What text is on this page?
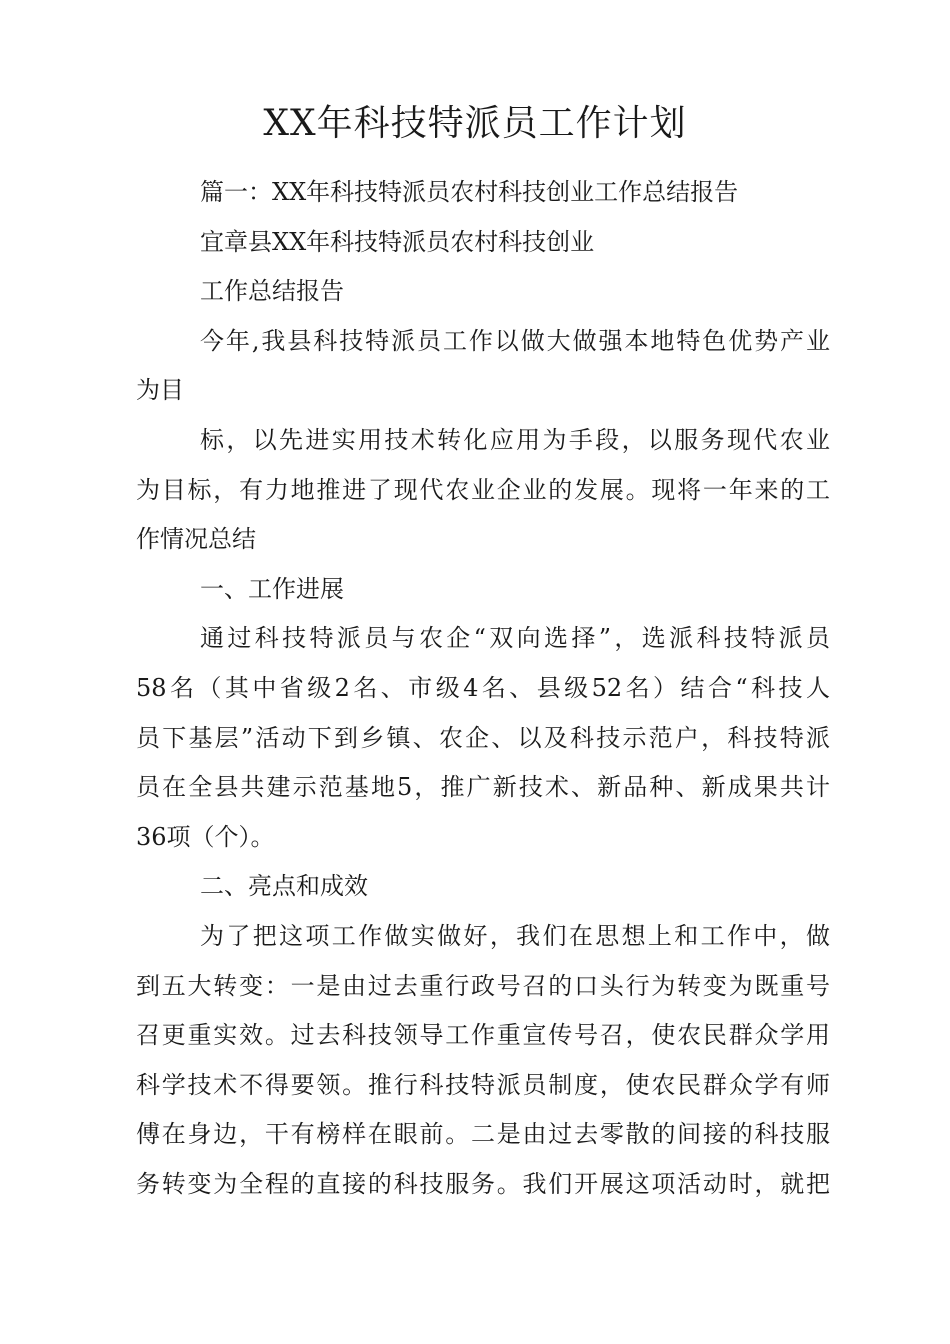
XX年科技特派员工作计划
篇一：XX年科技特派员农村科技创业工作总结报告
宜章县XX年科技特派员农村科技创业
工作总结报告
今年,我县科技特派员工作以做大做强本地特色优势产业
为目
标，以先进实用技术转化应用为手段，以服务现代农业
为目标，有力地推进了现代农业企业的发展。现将一年来的工
作情况总结
一、工作进展
通过科技特派员与农企“双向选择”，选派科技特派员
58名（其中省级2名、市级4名、县级52名）结合“科技人
员下基层”活动下到乡镇、农企、以及科技示范户，科技特派
员在全县共建示范基地5，推广新技术、新品种、新成果共计
36项（个）。
二、亮点和成效
为了把这项工作做实做好，我们在思想上和工作中，做
到五大转变：一是由过去重行政号召的口头行为转变为既重号
召更重实效。过去科技领导工作重宣传号召，使农民群众学用
科学技术不得要领。推行科技特派员制度，使农民群众学有师
傅在身边，干有榜样在眼前。二是由过去零散的间接的科技服
务转变为全程的直接的科技服务。我们开展这项活动时，就把
